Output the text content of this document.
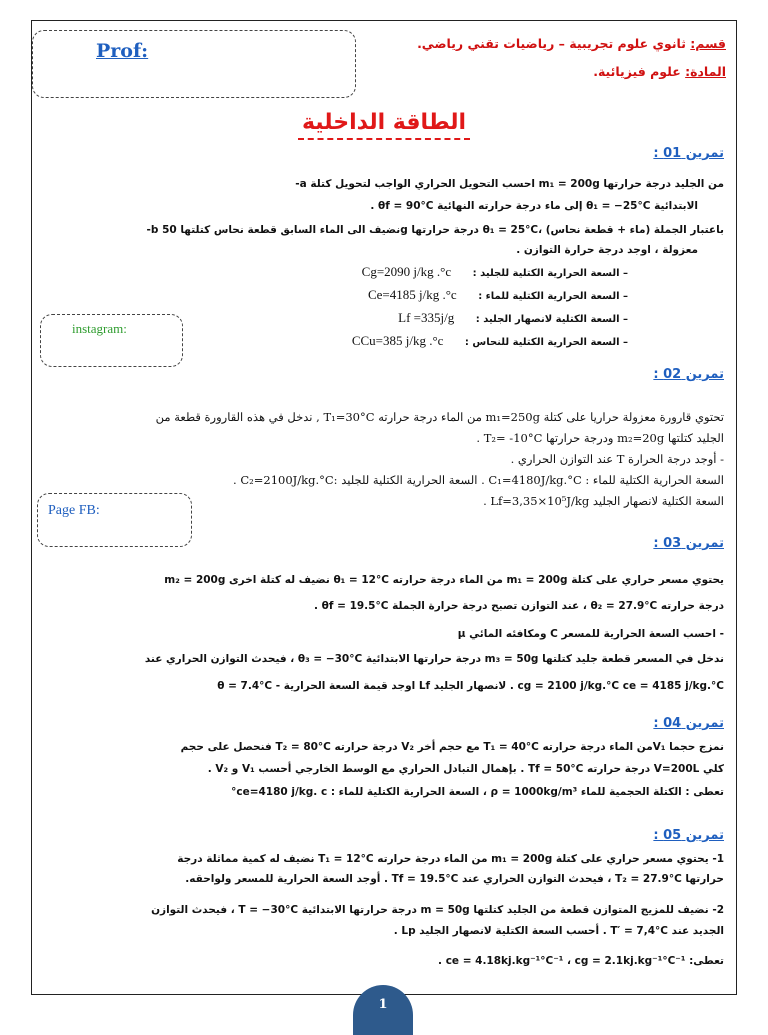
Prof:	قسم: ثانوي علوم تجريبية – رياضيات تقني رياضي.
المادة: علوم فيزيائية.
الطاقة الداخلية
تمرين 01 :
-a احسب التحويل الحراري الواجب لتحويل كتلة m₁ = 200g من الجليد درجة حرارتها
الابتدائية θ₁ = −25°C إلى ماء درجة حرارته النهائية θf = 90°C .
-b نضيف الى الماء السابق قطعة نحاس كتلتها 50g درجة حرارتها θ₁ = 25°C، باعتبار الجملة (ماء + قطعة نحاس)
معزولة ، اوجد درجة حرارة التوازن .
– السعة الحرارية الكتلية للجليد : Cg=2090 j/kg .°c
– السعة الحرارية الكتلية للماء : Ce=4185 j/kg .°c
– السعة الكتلية لانصهار الجليد : Lf =335j/g
– السعة الحرارية الكتلية للنحاس : CCu=385 j/kg .°c
instagram:
تمرين 02 :
تحتوي قارورة معزولة حراريا على كتلة m₁=250g من الماء درجة حرارته T₁=30°C , ندخل في هذه القارورة قطعة من
الجليد كتلتها m₂=20g ودرجة حرارتها T₂= -10°C .
- أوجد درجة الحرارة T عند التوازن الحراري .
السعة الحرارية الكتلية للماء : C₁=4180J/kg.°C . السعة الحرارية الكتلية للجليد :C₂=2100J/kg.°C .
السعة الكتلية لانصهار الجليد Lf=3,35×10⁵J/kg .
Page FB:
تمرين 03 :
يحتوي مسعر حراري على كتلة m₁ = 200g من الماء درجة حرارته θ₁ = 12°C نضيف له كتلة اخرى m₂ = 200g
درجة حرارته θ₂ = 27.9°C ، عند التوازن تصبح درجة حرارة الجملة θf = 19.5°C .
- احسب السعة الحرارية للمسعر C ومكافئه المائي μ
ندخل في المسعر قطعة جليد كتلتها m₃ = 50g درجة حرارتها الابتدائية θ₃ = −30°C ، فيحدث التوازن الحراري عند
θ = 7.4°C - اوجد قيمة السعة الحرارية Lf لانصهار الجليد . cg = 2100 j/kg.°C ce = 4185 j/kg.°C
تمرين 04 :
نمزج حجما V₁من الماء درجة حرارته T₁ = 40°C مع حجم أخر V₂ درجة حرارته T₂ = 80°C فنحصل على حجم
كلي V=200L درجة حرارته Tf = 50°C . بإهمال التبادل الحراري مع الوسط الخارجي أحسب V₁ و V₂ .
تعطى : الكتلة الحجمية للماء ρ = 1000kg/m³ ، السعة الحرارية الكتلية للماء : ce=4180 j/kg. c°
تمرين 05 :
1- يحتوي مسعر حراري على كتلة m₁ = 200g من الماء درجة حرارته T₁ = 12°C نضيف له كمية مماثلة درجة
حرارتها T₂ = 27.9°C ، فيحدث التوازن الحراري عند Tf = 19.5°C . أوجد السعة الحرارية للمسعر ولواحقه.
2- نضيف للمزيج المتوازن قطعة من الجليد كتلتها m = 50g درجة حرارتها الابتدائية T = −30°C ، فيحدث التوازن
الجديد عند T′ = 7,4°C . أحسب السعة الكتلية لانصهار الجليد Lp .
تعطى: ce = 4.18kj.kg⁻¹°C⁻¹ ، cg = 2.1kj.kg⁻¹°C⁻¹ .
1
